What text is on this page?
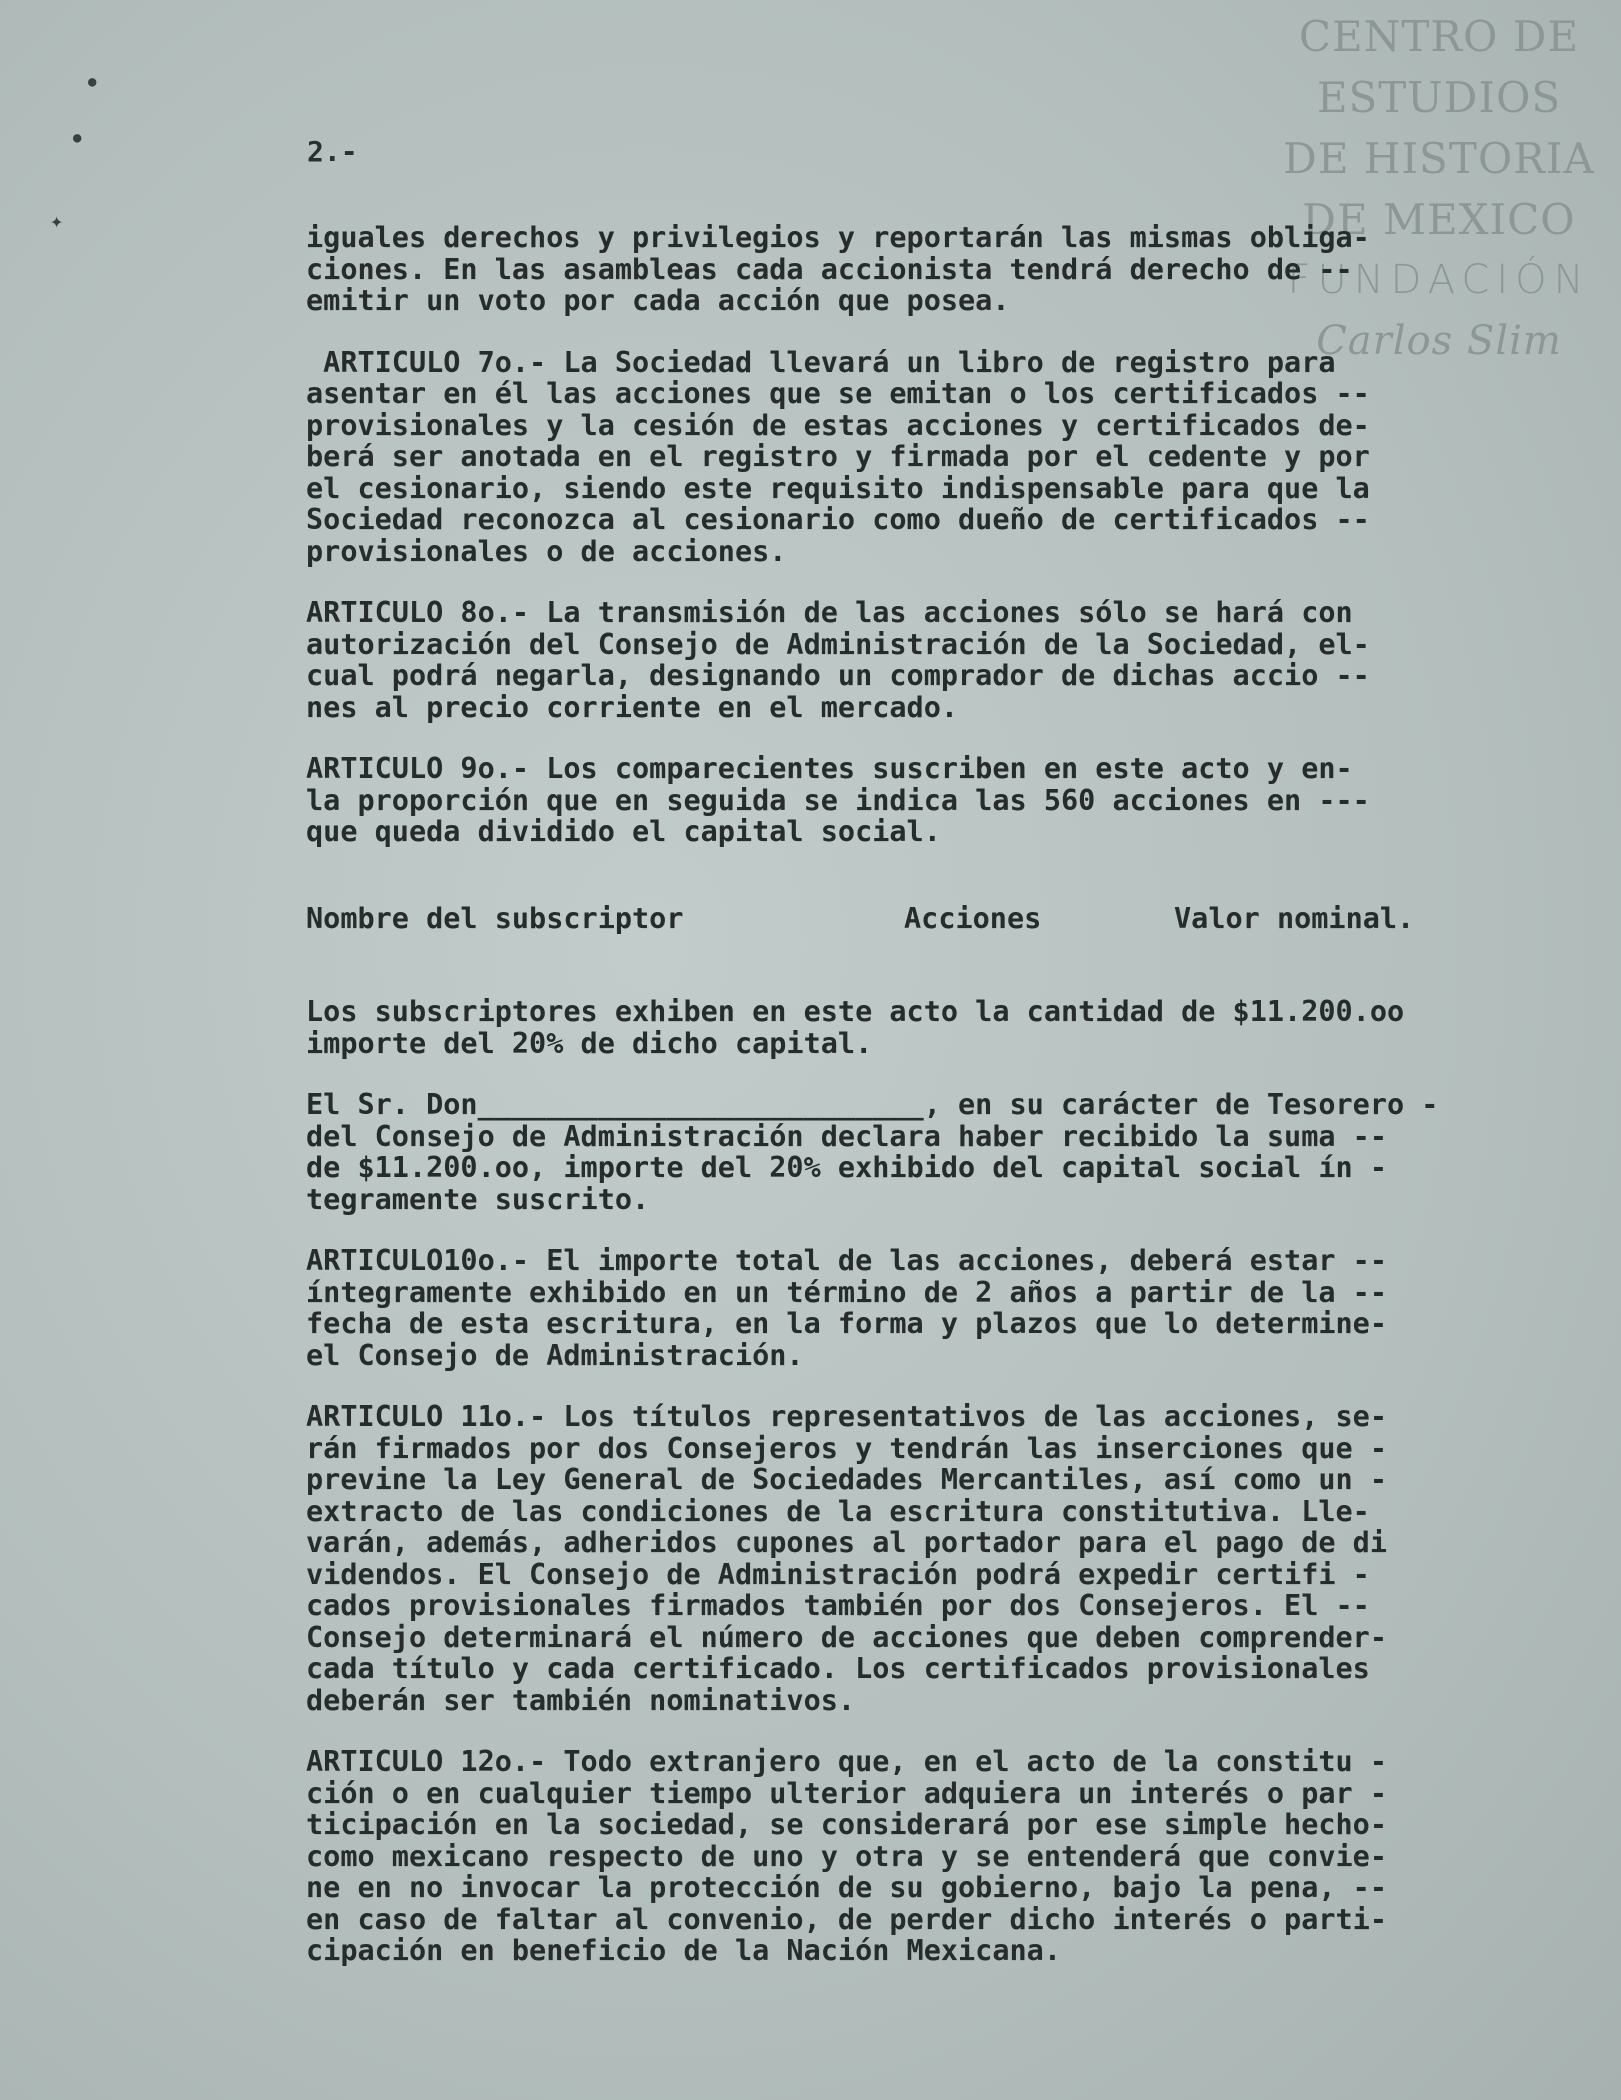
●
●
✦
CENTRO DE
ESTUDIOS
DE HISTORIA
DE MEXICO
FUNDACIÓN
Carlos Slim
2.-

iguales derechos y privilegios y reportarán las mismas obliga-
ciones. En las asambleas cada accionista tendrá derecho de --
emitir un voto por cada acción que posea.

ARTICULO 7o.- La Sociedad llevará un libro de registro para
asentar en él las acciones que se emitan o los certificados --
provisionales y la cesión de estas acciones y certificados de-
berá ser anotada en el registro y firmada por el cedente y por
el cesionario, siendo este requisito indispensable para que la
Sociedad reconozca al cesionario como dueño de certificados --
provisionales o de acciones.

ARTICULO 8o.- La transmisión de las acciones sólo se hará con
autorización del Consejo de Administración de la Sociedad, el-
cual podrá negarla, designando un comprador de dichas accio --
nes al precio corriente en el mercado.

ARTICULO 9o.- Los comparecientes suscriben en este acto y en-
la proporción que en seguida se indica las 560 acciones en ---
que queda dividido el capital social.

Nombre del subscriptor	Acciones	Valor nominal.

Los subscriptores exhiben en este acto la cantidad de $11.200.oo
importe del 20% de dicho capital.

El Sr. Don__________________________, en su carácter de Tesorero -
del Consejo de Administración declara haber recibido la suma --
de $11.200.oo, importe del 20% exhibido del capital social ín -
tegramente suscrito.

ARTICULO10o.- El importe total de las acciones, deberá estar --
íntegramente exhibido en un término de 2 años a partir de la --
fecha de esta escritura, en la forma y plazos que lo determine-
el Consejo de Administración.

ARTICULO 11o.- Los títulos representativos de las acciones, se-
rán firmados por dos Consejeros y tendrán las inserciones que -
previne la Ley General de Sociedades Mercantiles, así como un -
extracto de las condiciones de la escritura constitutiva. Lle-
varán, además, adheridos cupones al portador para el pago de di
videndos. El Consejo de Administración podrá expedir certifi -
cados provisionales firmados también por dos Consejeros. El --
Consejo determinará el número de acciones que deben comprender-
cada título y cada certificado. Los certificados provisionales
deberán ser también nominativos.

ARTICULO 12o.- Todo extranjero que, en el acto de la constitu -
ción o en cualquier tiempo ulterior adquiera un interés o par -
ticipación en la sociedad, se considerará por ese simple hecho-
como mexicano respecto de uno y otra y se entenderá que convie-
ne en no invocar la protección de su gobierno, bajo la pena, --
en caso de faltar al convenio, de perder dicho interés o parti-
cipación en beneficio de la Nación Mexicana.
